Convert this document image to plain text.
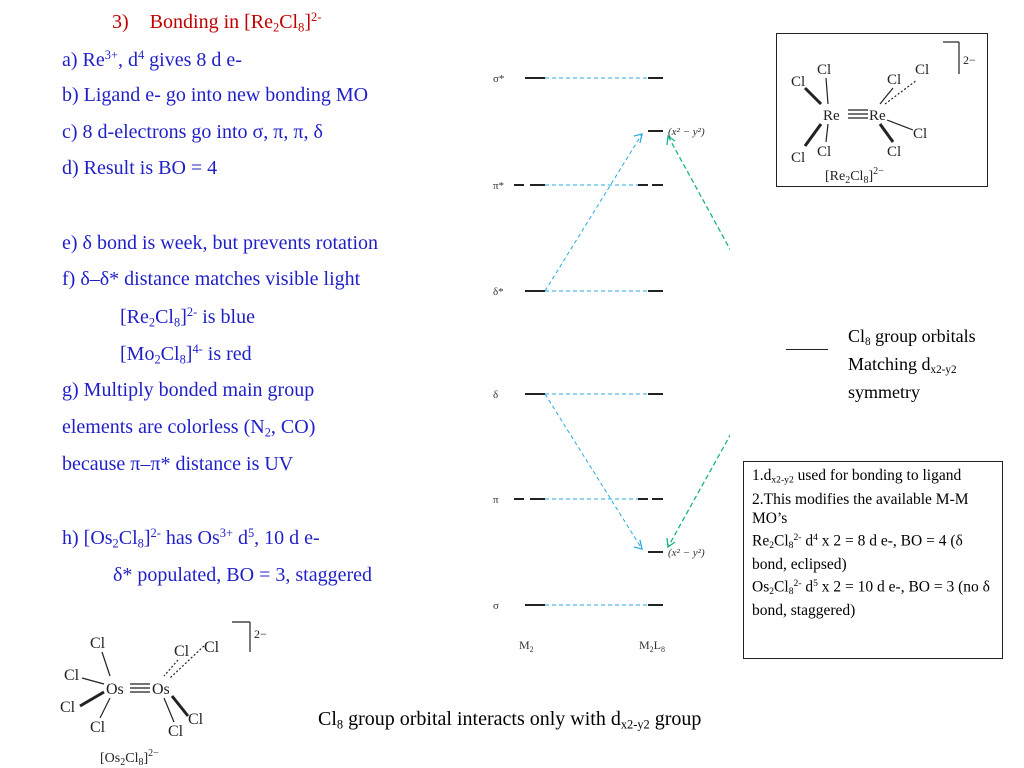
3) Bonding in $[Re_2Cl_8]^{2-}$
a) $Re^{3+}$, $d^4$ gives 8 d e-
b) Ligand e- go into new bonding MO
c) 8 d-electrons go into σ, π, π, δ
d) Result is BO = 4
e) δ bond is week, but prevents rotation
f) δ–δ* distance matches visible light
$[Re_2Cl_8]^{2-}$ is blue
$[Mo_2Cl_8]^{4-}$ is red
g) Multiply bonded main group
elements are colorless ($N_2$, CO)
because π–π* distance is UV
h) $[Os_2Cl_8]^{2-}$ has $Os^{3+}$ $d^5$, 10 d e-
δ* populated, BO = 3, staggered
σ*
π*
δ*
δ
π
σ
(x² − y²)
(x² − y²)
$M_2$	$M_2L_8$
Re Re
Cl
Cl
Cl Cl
Cl
Cl
Cl
Cl
2−
$[Re_2Cl_8]^{2-}$
$Cl_8$ group orbitals
Matching $d_{x2-y2}$
symmetry
$1.d_{x2-y2}$ used for bonding to ligand
2.This modifies the available M-M MO’s
$Re_2Cl_8^{2-}$ $d^4$ x 2 = 8 d e-, BO = 4 (δ bond, eclipsed)
$Os_2Cl_8^{2-}$ $d^5$ x 2 = 10 d e-, BO = 3 (no δ bond, staggered)
Os Os
Cl
Cl
Cl
Cl
Cl Cl
Cl
Cl
2−
$[Os_2Cl_8]^{2-}$
$Cl_8$ group orbital interacts only with $d_{x2-y2}$ group
